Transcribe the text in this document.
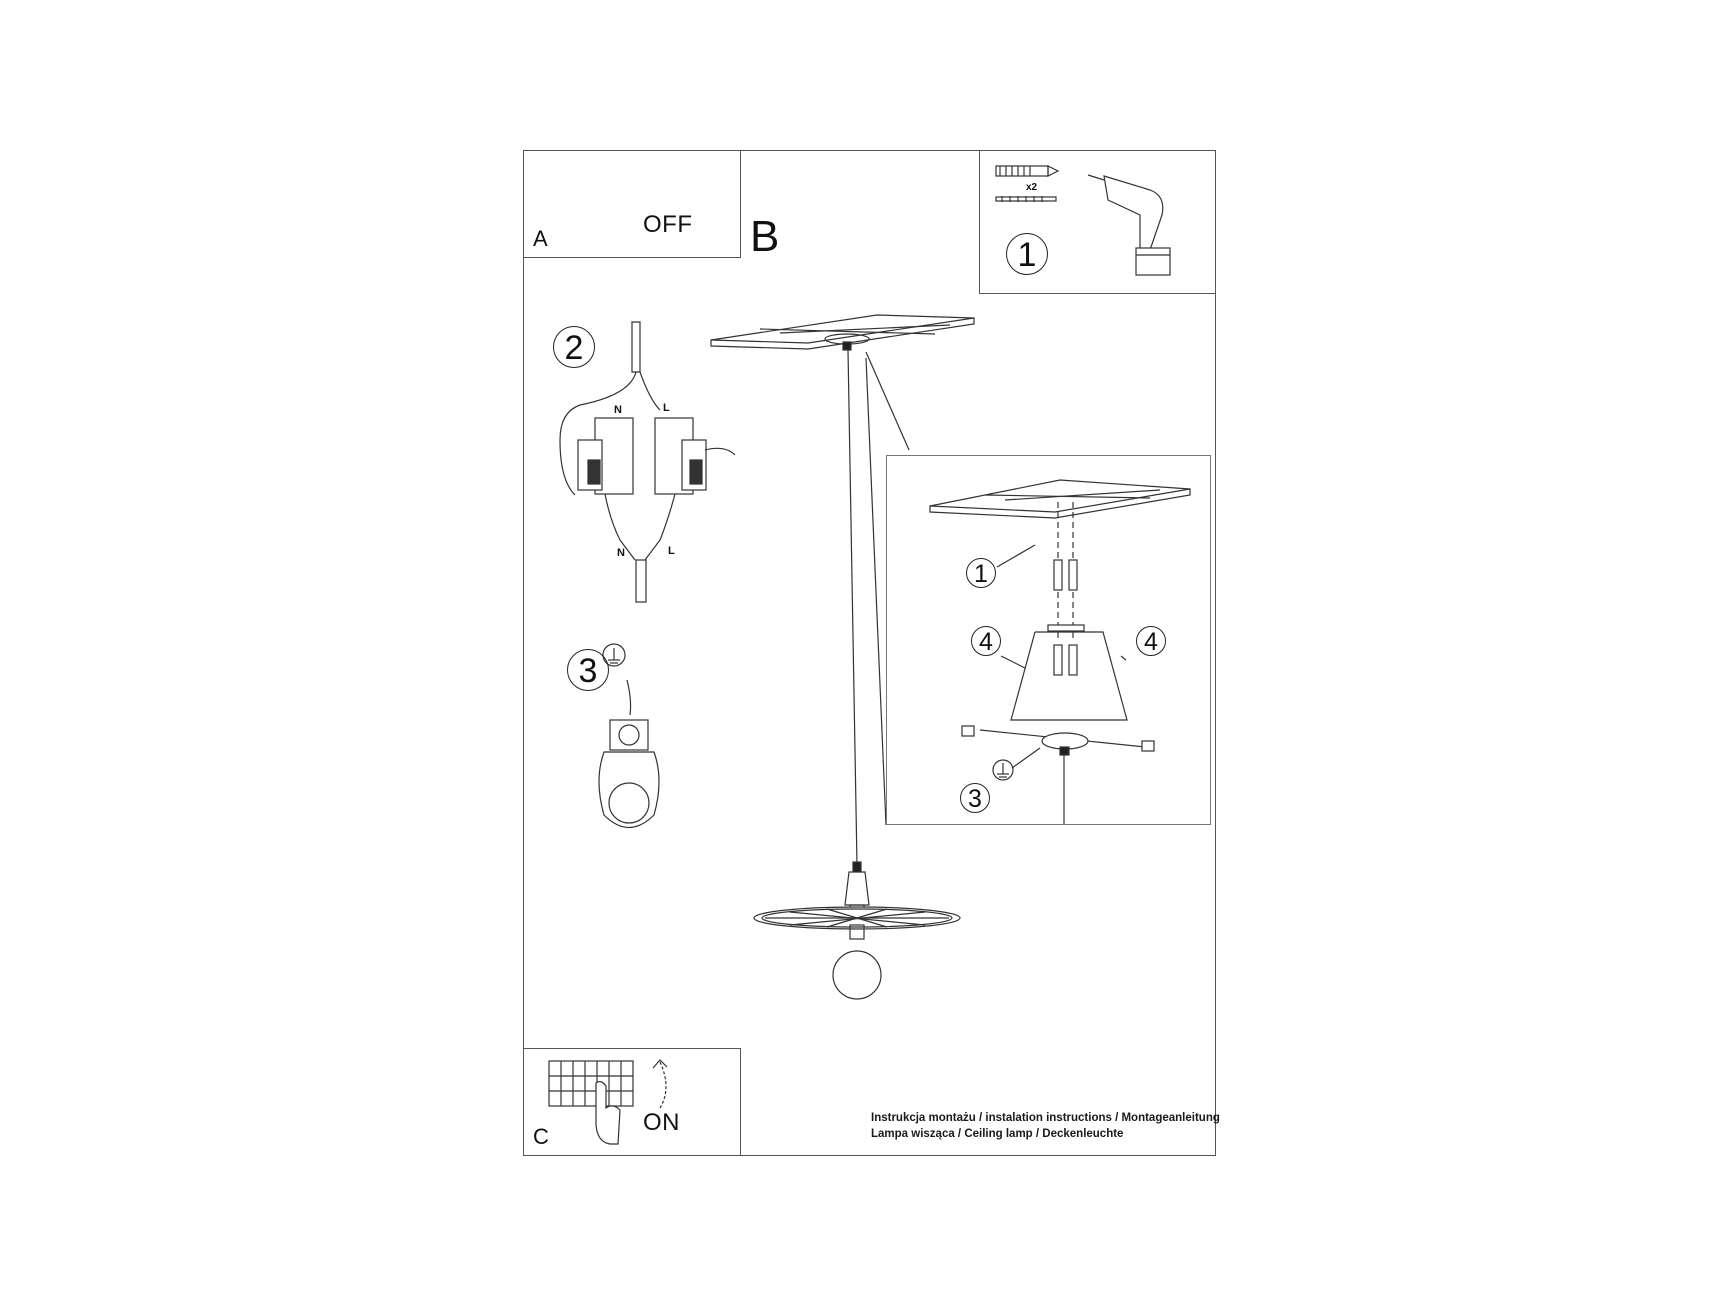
A
OFF B
x2
1
2
N	L
N	L
3
1
4	4
3
C
ON	Instrukcja montażu / instalation instructions / Montageanleitung
Lampa wisząca / Ceiling lamp / Deckenleuchte
